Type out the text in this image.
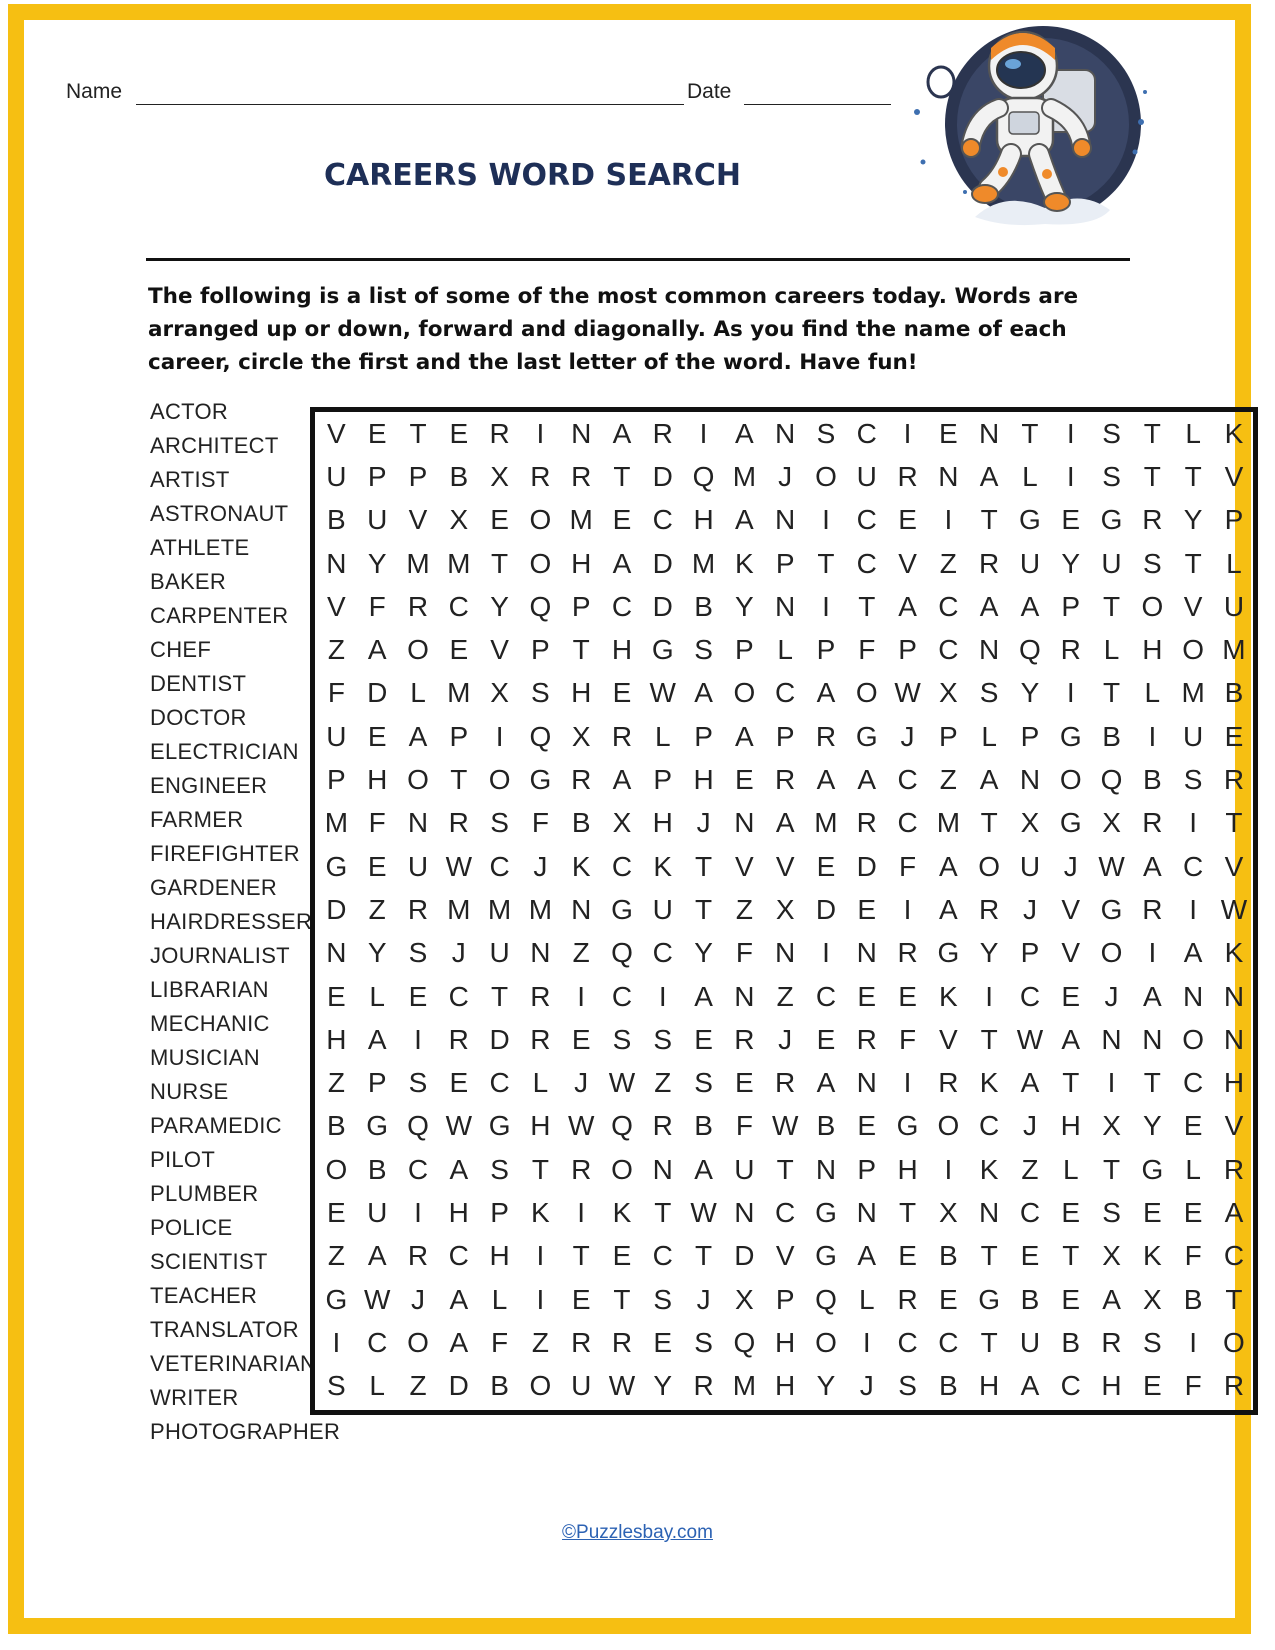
Name	Date
CAREERS WORD SEARCH
The following is a list of some of the most common careers today. Words are arranged up or down, forward and diagonally. As you find the name of each career, circle the first and the last letter of the word. Have fun!
ACTOR
ARCHITECT
ARTIST
ASTRONAUT
ATHLETE
BAKER
CARPENTER
CHEF
DENTIST
DOCTOR
ELECTRICIAN
ENGINEER
FARMER
FIREFIGHTER
GARDENER
HAIRDRESSER
JOURNALIST
LIBRARIAN
MECHANIC
MUSICIAN
NURSE
PARAMEDIC
PILOT
PLUMBER
POLICE
SCIENTIST
TEACHER
TRANSLATOR
VETERINARIAN
WRITER
PHOTOGRAPHER
V E T E R I N A R I A N S C I E N T	I S T L K
U P P B X R R T D Q M J O U R N A L	I S T T V
B U V X E O M E C H A N I C E I	T G E G R Y P
N Y M M T O H A D M K P T C V Z R U Y U S T L
V F R C Y Q P C D B Y N I	T A C A A P T O V U
Z A O E V P T H G S P L P F P C N Q R L H O M
F D L M X S H E W A O C A O W X S Y I	T L M B
U E A P I Q X R L P A P R G J P L P G B I U E
P H O T O G R A P H E R A A C Z A N O Q B S R
M F N R S F B X H J N A M R C M T X G X R I	T
G E U W C J K C K T V V E D F A O U J W A C V
D Z R M M M N G U T Z X D E I A R J V G R I W
N Y S J U N Z Q C Y F N I N R G Y P V O I A K
E L E C T R I C I A N Z C E E K I C E J A N N
H A I R D R E S S E R J E R F V T W A N N O N
Z P S E C L J W Z S E R A N I R K A T	I	T C H
B G Q W G H W Q R B F W B E G O C J H X Y E V
O B C A S T R O N A U T N P H I K Z L T G L R
E U I H P K I K T W N C G N T X N C E S E E A
Z A R C H I	T E C T D V G A E B T E T X K F C
G W J A L	I E T S J X P Q L R E G B E A X B T
I C O A F Z R R E S Q H O I C C T U B R S I O
S L Z D B O U W Y R M H Y J S B H A C H E F R
©Puzzlesbay.com
